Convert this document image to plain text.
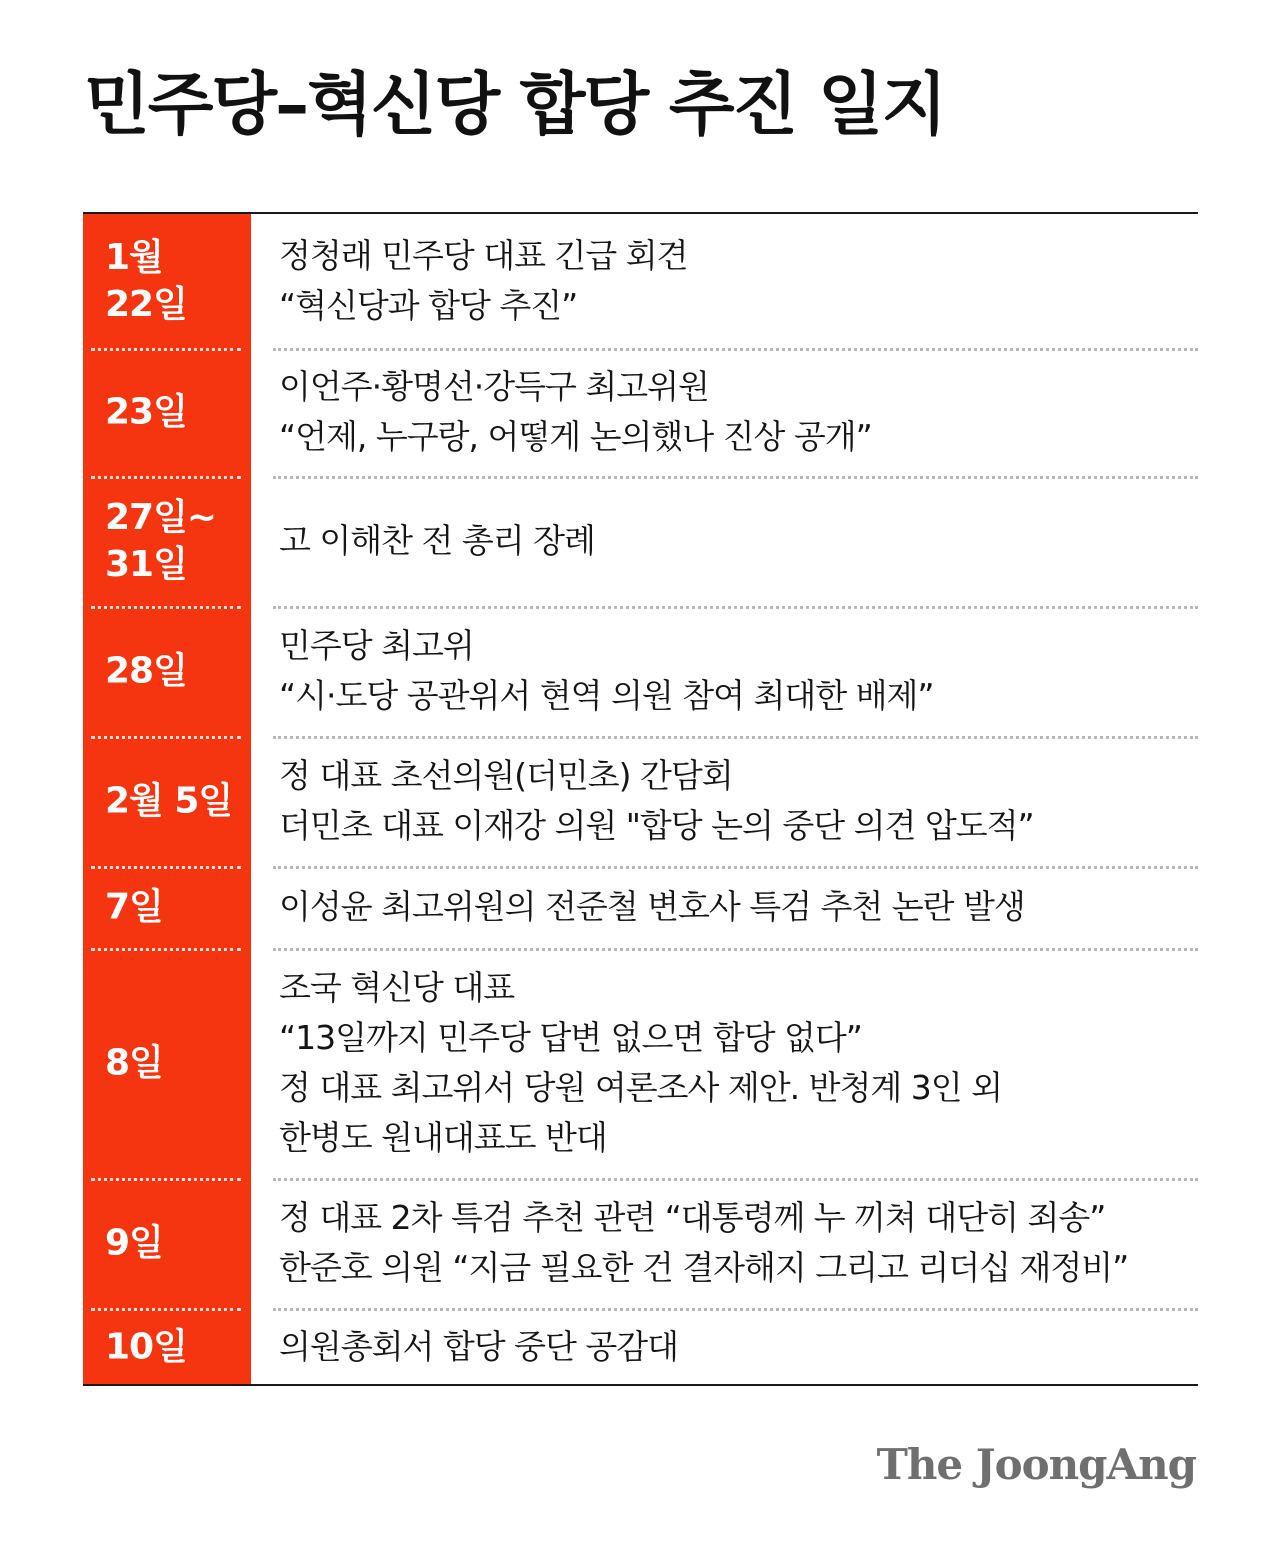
민주당–혁신당 합당 추진 일지
1월
22일
정청래 민주당 대표 긴급 회견
“혁신당과 합당 추진”
23일
이언주·황명선·강득구 최고위원
“언제, 누구랑, 어떻게 논의했나 진상 공개”
27일~
31일
고 이해찬 전 총리 장례
28일
민주당 최고위
“시·도당 공관위서 현역 의원 참여 최대한 배제”
2월 5일
정 대표 초선의원(더민초) 간담회
더민초 대표 이재강 의원 "합당 논의 중단 의견 압도적”
7일	이성윤 최고위원의 전준철 변호사 특검 추천 논란 발생
8일
조국 혁신당 대표
“13일까지 민주당 답변 없으면 합당 없다”
정 대표 최고위서 당원 여론조사 제안. 반청계 3인 외
한병도 원내대표도 반대
9일
정 대표 2차 특검 추천 관련 “대통령께 누 끼쳐 대단히 죄송”
한준호 의원 “지금 필요한 건 결자해지 그리고 리더십 재정비”
10일	의원총회서 합당 중단 공감대
The JoongAng
